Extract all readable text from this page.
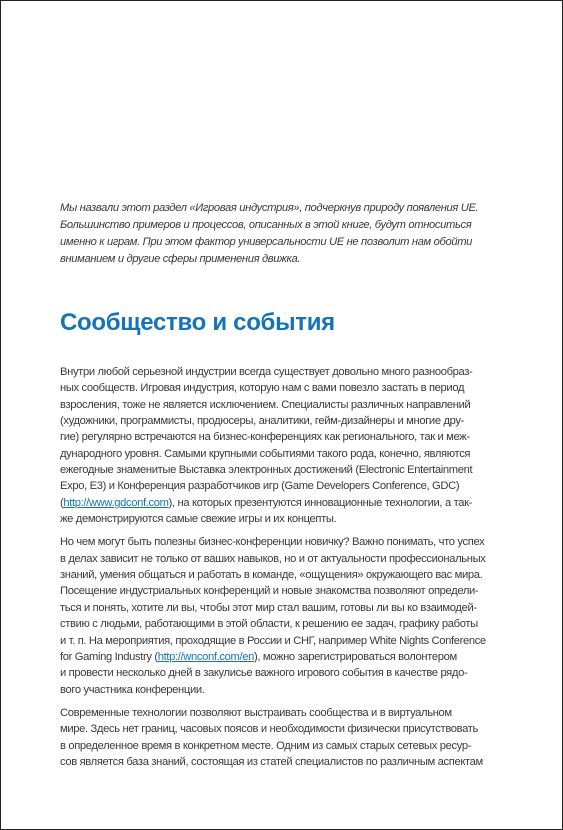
Мы назвали этот раздел «Игровая индустрия», подчеркнув природу появления UE.
Большинство примеров и процессов, описанных в этой книге, будут относиться
именно к играм. При этом фактор универсальности UE не позволит нам обойти
вниманием и другие сферы применения движка.

Сообщество и события

Внутри любой серьезной индустрии всегда существует довольно много разнообраз-
ных сообществ. Игровая индустрия, которую нам с вами повезло застать в период
взросления, тоже не является исключением. Специалисты различных направлений
(художники, программисты, продюсеры, аналитики, гейм-дизайнеры и многие дру-
гие) регулярно встречаются на бизнес-конференциях как регионального, так и меж-
дународного уровня. Самыми крупными событиями такого рода, конечно, являются
ежегодные знаменитые Выставка электронных достижений (Electronic Entertainment
Expo, E3) и Конференция разработчиков игр (Game Developers Conference, GDC)
(http://www.gdconf.com), на которых презентуются инновационные технологии, а так-
же демонстрируются самые свежие игры и их концепты.

Но чем могут быть полезны бизнес-конференции новичку? Важно понимать, что успех
в делах зависит не только от ваших навыков, но и от актуальности профессиональных
знаний, умения общаться и работать в команде, «ощущения» окружающего вас мира.
Посещение индустриальных конференций и новые знакомства позволяют определи-
ться и понять, хотите ли вы, чтобы этот мир стал вашим, готовы ли вы ко взаимодей-
ствию с людьми, работающими в этой области, к решению ее задач, графику работы
и т. п. На мероприятия, проходящие в России и СНГ, например White Nights Conference
for Gaming Industry (http://wnconf.com/en), можно зарегистрироваться волонтером
и провести несколько дней в закулисье важного игрового события в качестве рядо-
вого участника конференции.

Современные технологии позволяют выстраивать сообщества и в виртуальном
мире. Здесь нет границ, часовых поясов и необходимости физически присутствовать
в определенное время в конкретном месте. Одним из самых старых сетевых ресур-
сов является база знаний, состоящая из статей специалистов по различным аспектам
